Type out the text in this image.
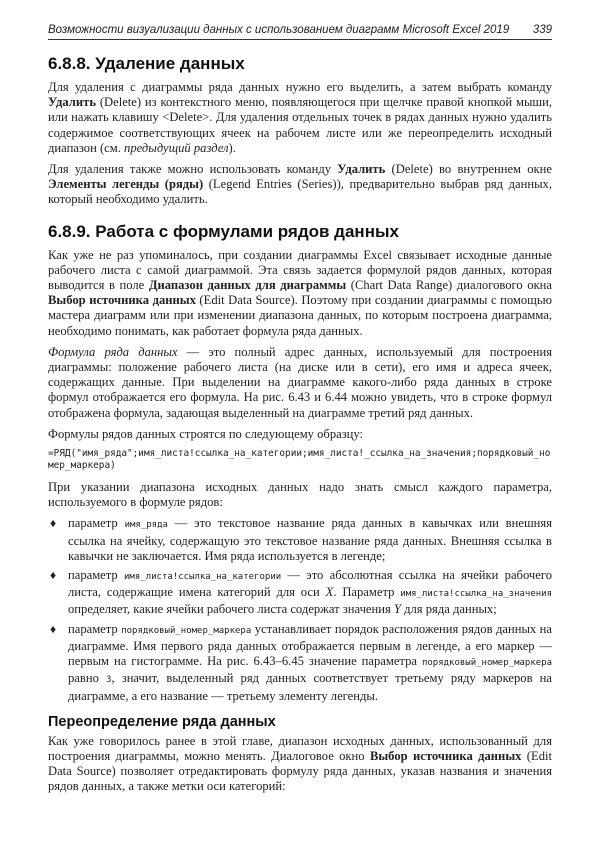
Возможности визуализации данных с использованием диаграмм Microsoft Excel 2019 339
6.8.8. Удаление данных

Для удаления с диаграммы ряда данных нужно его выделить, а затем выбрать команду Удалить (Delete) из контекстного меню, появляющегося при щелчке правой кнопкой мыши, или нажать клавишу <Delete>. Для удаления отдельных точек в рядах данных нужно удалить содержимое соответствующих ячеек на рабочем листе или же переопределить исходный диапазон (см. предыдущий раздел).

Для удаления также можно использовать команду Удалить (Delete) во внутреннем окне Элементы легенды (ряды) (Legend Entries (Series)), предварительно выбрав ряд данных, который необходимо удалить.

6.8.9. Работа с формулами рядов данных

Как уже не раз упоминалось, при создании диаграммы Excel связывает исходные данные рабочего листа с самой диаграммой. Эта связь задается формулой рядов данных, которая выводится в поле Диапазон данных для диаграммы (Chart Data Range) диалогового окна Выбор источника данных (Edit Data Source). Поэтому при создании диаграммы с помощью мастера диаграмм или при изменении диапазона данных, по которым построена диаграмма, необходимо понимать, как работает формула ряда данных.

Формула ряда данных — это полный адрес данных, используемый для построения диаграммы: положение рабочего листа (на диске или в сети), его имя и адреса ячеек, содержащих данные. При выделении на диаграмме какого-либо ряда данных в строке формул отображается его формула. На рис. 6.43 и 6.44 можно увидеть, что в строке формул отображена формула, задающая выделенный на диаграмме третий ряд данных.

Формулы рядов данных строятся по следующему образцу:

=РЯД("имя_ряда";имя_листа!ссылка_на_категории;имя_листа!_ссылка_на_значения;порядковый_номер_маркера)

При указании диапазона исходных данных надо знать смысл каждого параметра, используемого в формуле рядов:

♦ параметр имя_ряда — это текстовое название ряда данных в кавычках или внешняя ссылка на ячейку, содержащую это текстовое название ряда данных. Внешняя ссылка в кавычки не заключается. Имя ряда используется в легенде;
♦ параметр имя_листа!ссылка_на_категории — это абсолютная ссылка на ячейки рабочего листа, содержащие имена категорий для оси X. Параметр имя_листа!ссылка_на_значения определяет, какие ячейки рабочего листа содержат значения Y для ряда данных;
♦ параметр порядковый_номер_маркера устанавливает порядок расположения рядов данных на диаграмме. Имя первого ряда данных отображается первым в легенде, а его маркер — первым на гистограмме. На рис. 6.43–6.45 значение параметра порядковый_номер_маркера равно 3, значит, выделенный ряд данных соответствует третьему ряду маркеров на диаграмме, а его название — третьему элементу легенды.
Переопределение ряда данных

Как уже говорилось ранее в этой главе, диапазон исходных данных, использованный для построения диаграммы, можно менять. Диалоговое окно Выбор источника данных (Edit Data Source) позволяет отредактировать формулу ряда данных, указав названия и значения рядов данных, а также метки оси категорий:
